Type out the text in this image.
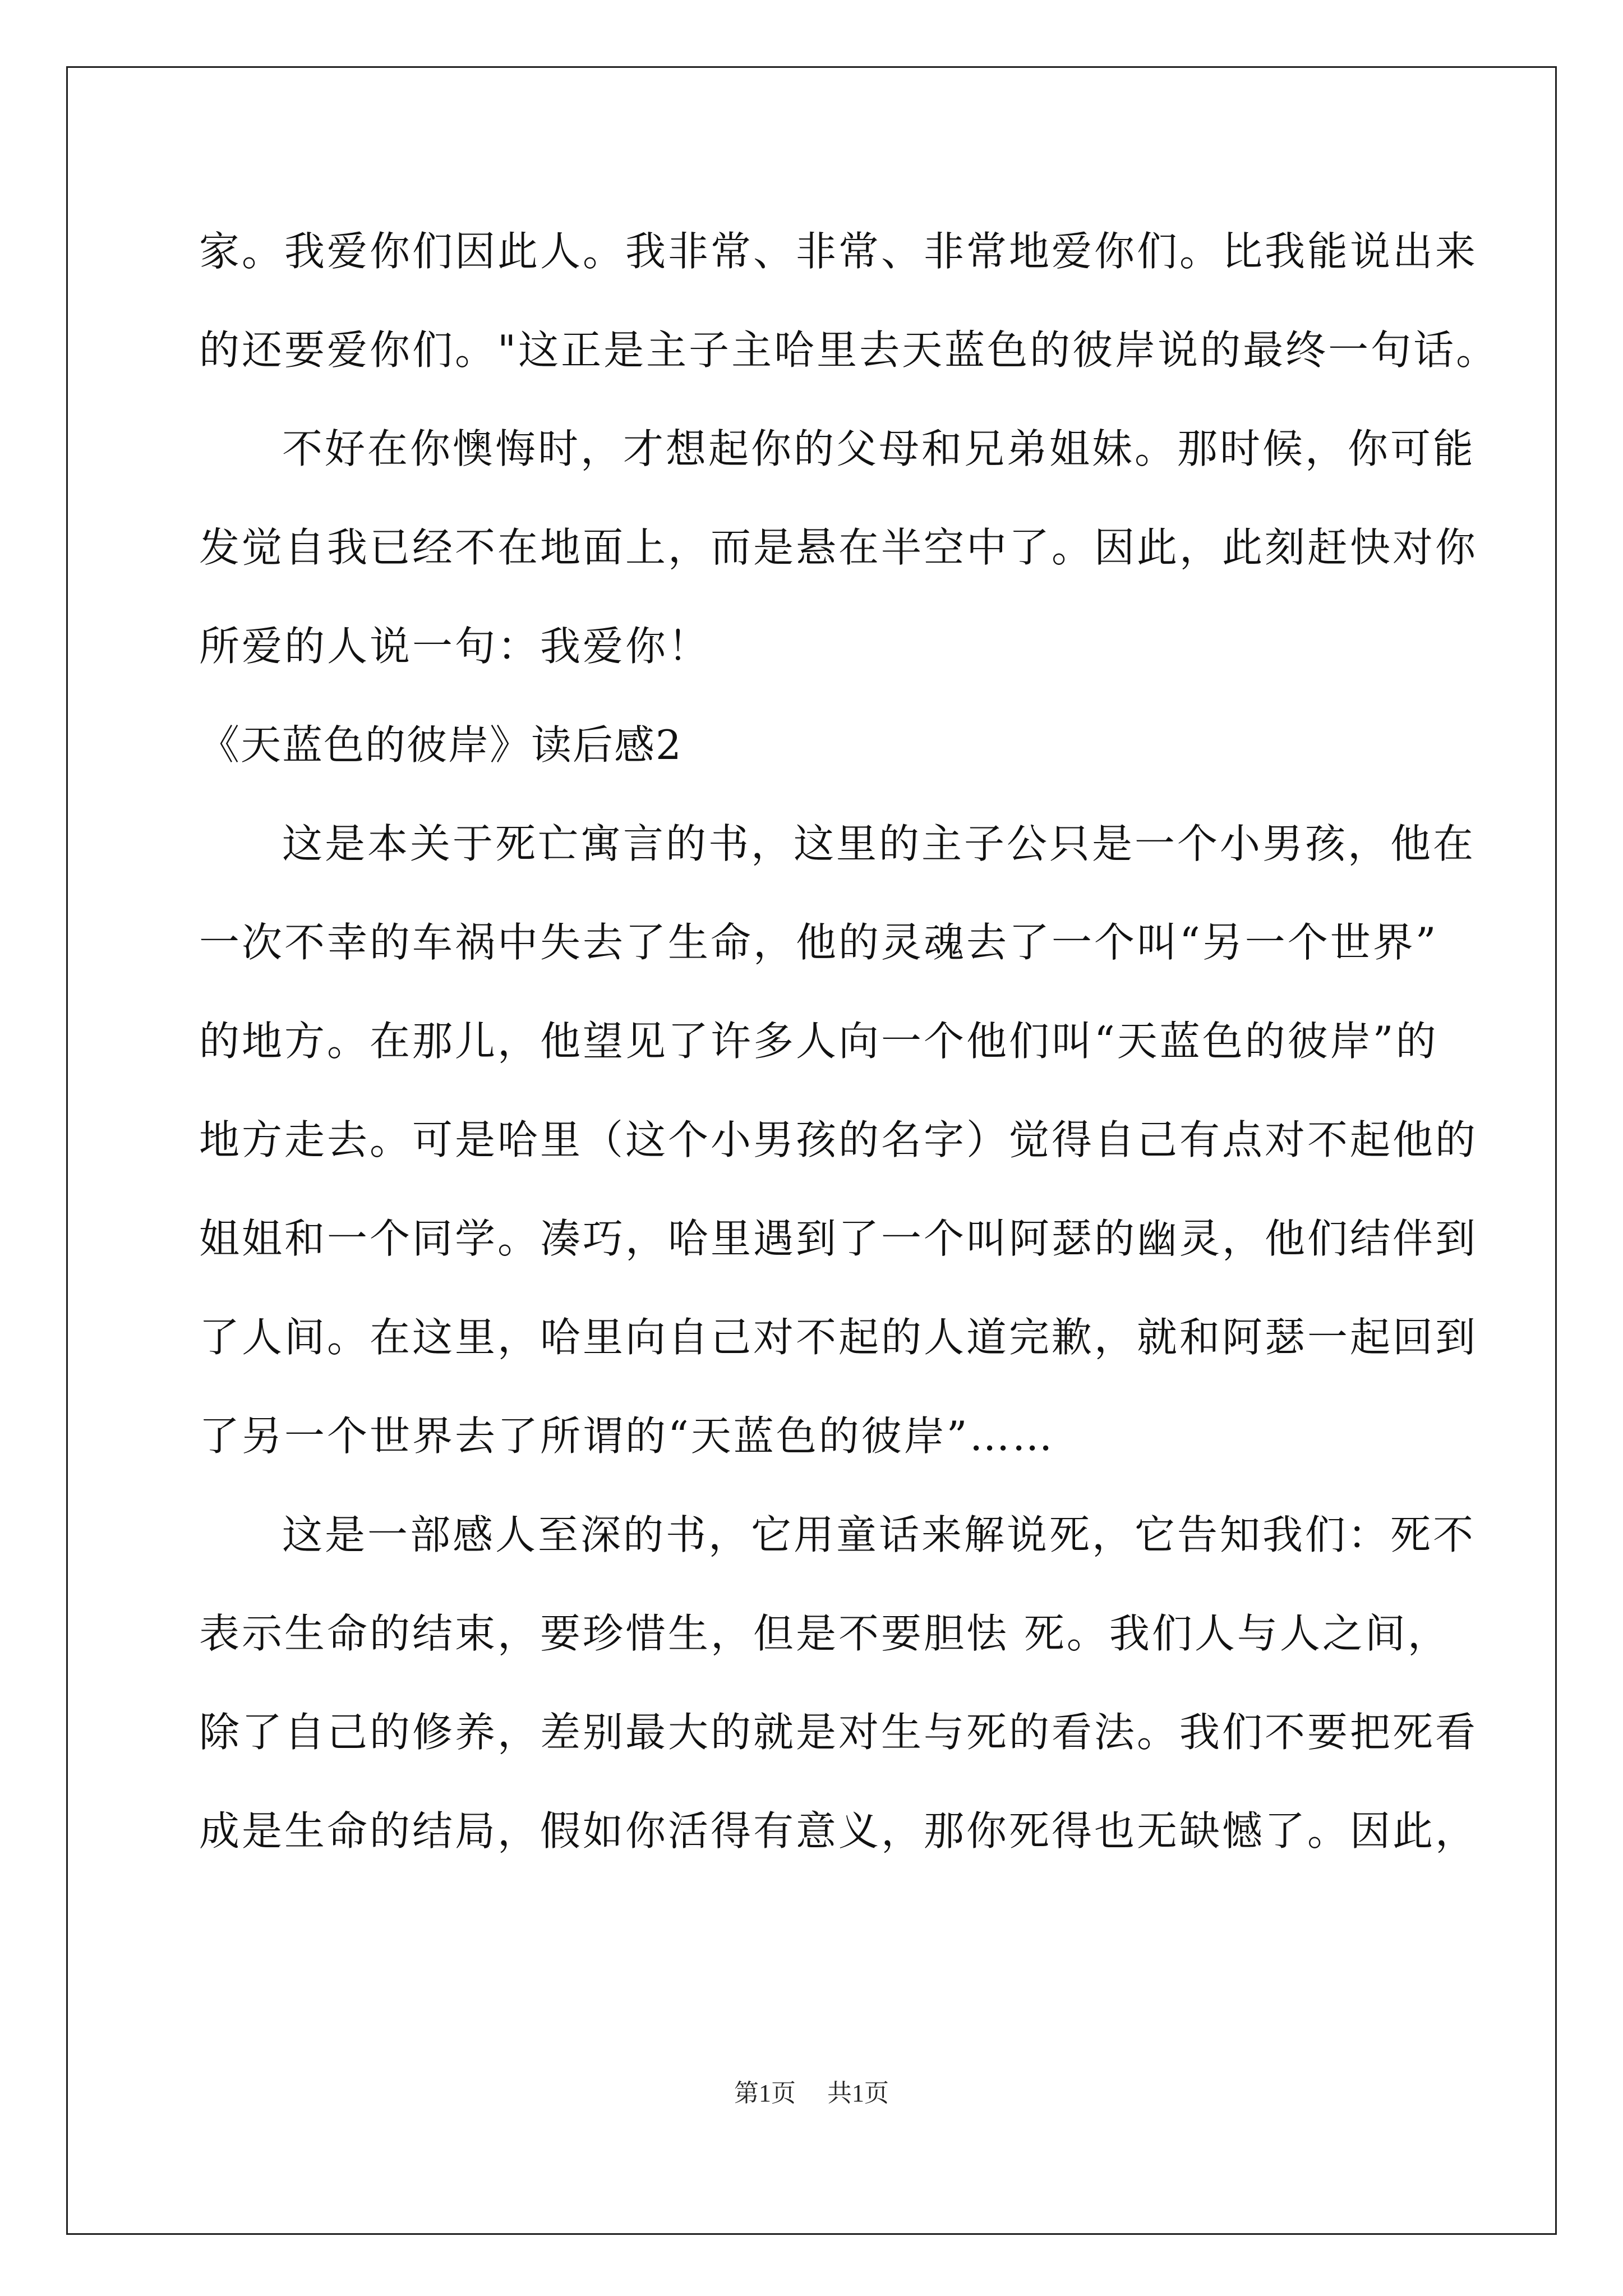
家。我爱你们因此人。我非常、非常、非常地爱你们。比我能说出来
的还要爱你们。"这正是主子主哈里去天蓝色的彼岸说的最终一句话。
不好在你懊悔时，才想起你的父母和兄弟姐妹。那时候，你可能
发觉自我已经不在地面上，而是悬在半空中了。因此，此刻赶快对你
所爱的人说一句：我爱你！
《天蓝色的彼岸》读后感2
这是本关于死亡寓言的书，这里的主子公只是一个小男孩，他在
一次不幸的车祸中失去了生命，他的灵魂去了一个叫“另一个世界”
的地方。在那儿，他望见了许多人向一个他们叫“天蓝色的彼岸”的
地方走去。可是哈里（这个小男孩的名字）觉得自己有点对不起他的
姐姐和一个同学。凑巧，哈里遇到了一个叫阿瑟的幽灵，他们结伴到
了人间。在这里，哈里向自己对不起的人道完歉，就和阿瑟一起回到
了另一个世界去了所谓的“天蓝色的彼岸”……
这是一部感人至深的书，它用童话来解说死，它告知我们：死不
表示生命的结束，要珍惜生，但是不要胆怯 死。我们人与人之间，
除了自己的修养，差别最大的就是对生与死的看法。我们不要把死看
成是生命的结局，假如你活得有意义，那你死得也无缺憾了。因此，
第1页 共1页
